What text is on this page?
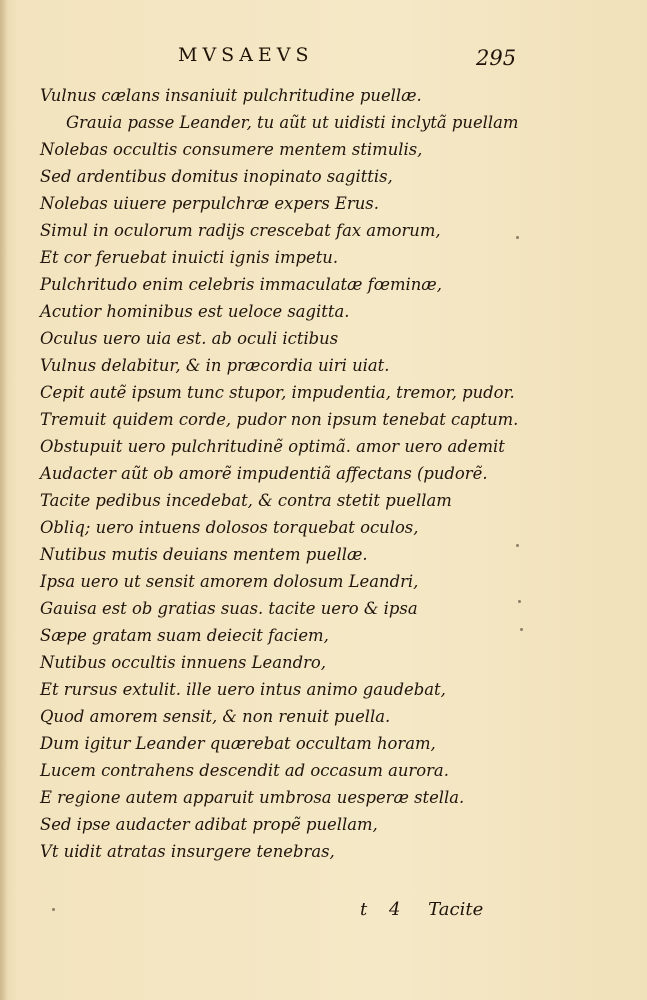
MVSAEVS	295
Vulnus cælans insaniuit pulchritudine puellæ.
Grauia passe Leander, tu aũt ut uidisti inclytã puellam
Nolebas occultis consumere mentem stimulis,
Sed ardentibus domitus inopinato sagittis,
Nolebas uiuere perpulchræ expers Erus.
Simul in oculorum radijs crescebat fax amorum,
Et cor feruebat inuicti ignis impetu.
Pulchritudo enim celebris immaculatæ fœminæ,
Acutior hominibus est ueloce sagitta.
Oculus uero uia est. ab oculi ictibus
Vulnus delabitur, & in præcordia uiri uiat.
Cepit autẽ ipsum tunc stupor, impudentia, tremor, pudor.
Tremuit quidem corde, pudor non ipsum tenebat captum.
Obstupuit uero pulchritudinẽ optimã. amor uero ademit
Audacter aũt ob amorẽ impudentiã affectans (pudorẽ.
Tacite pedibus incedebat, & contra stetit puellam
Obliq; uero intuens dolosos torquebat oculos,
Nutibus mutis deuians mentem puellæ.
Ipsa uero ut sensit amorem dolosum Leandri,
Gauisa est ob gratias suas. tacite uero & ipsa
Sæpe gratam suam deiecit faciem,
Nutibus occultis innuens Leandro,
Et rursus extulit. ille uero intus animo gaudebat,
Quod amorem sensit, & non renuit puella.
Dum igitur Leander quærebat occultam horam,
Lucem contrahens descendit ad occasum aurora.
E regione autem apparuit umbrosa uesperæ stella.
Sed ipse audacter adibat propẽ puellam,
Vt uidit atratas insurgere tenebras,
t 4 Tacite
